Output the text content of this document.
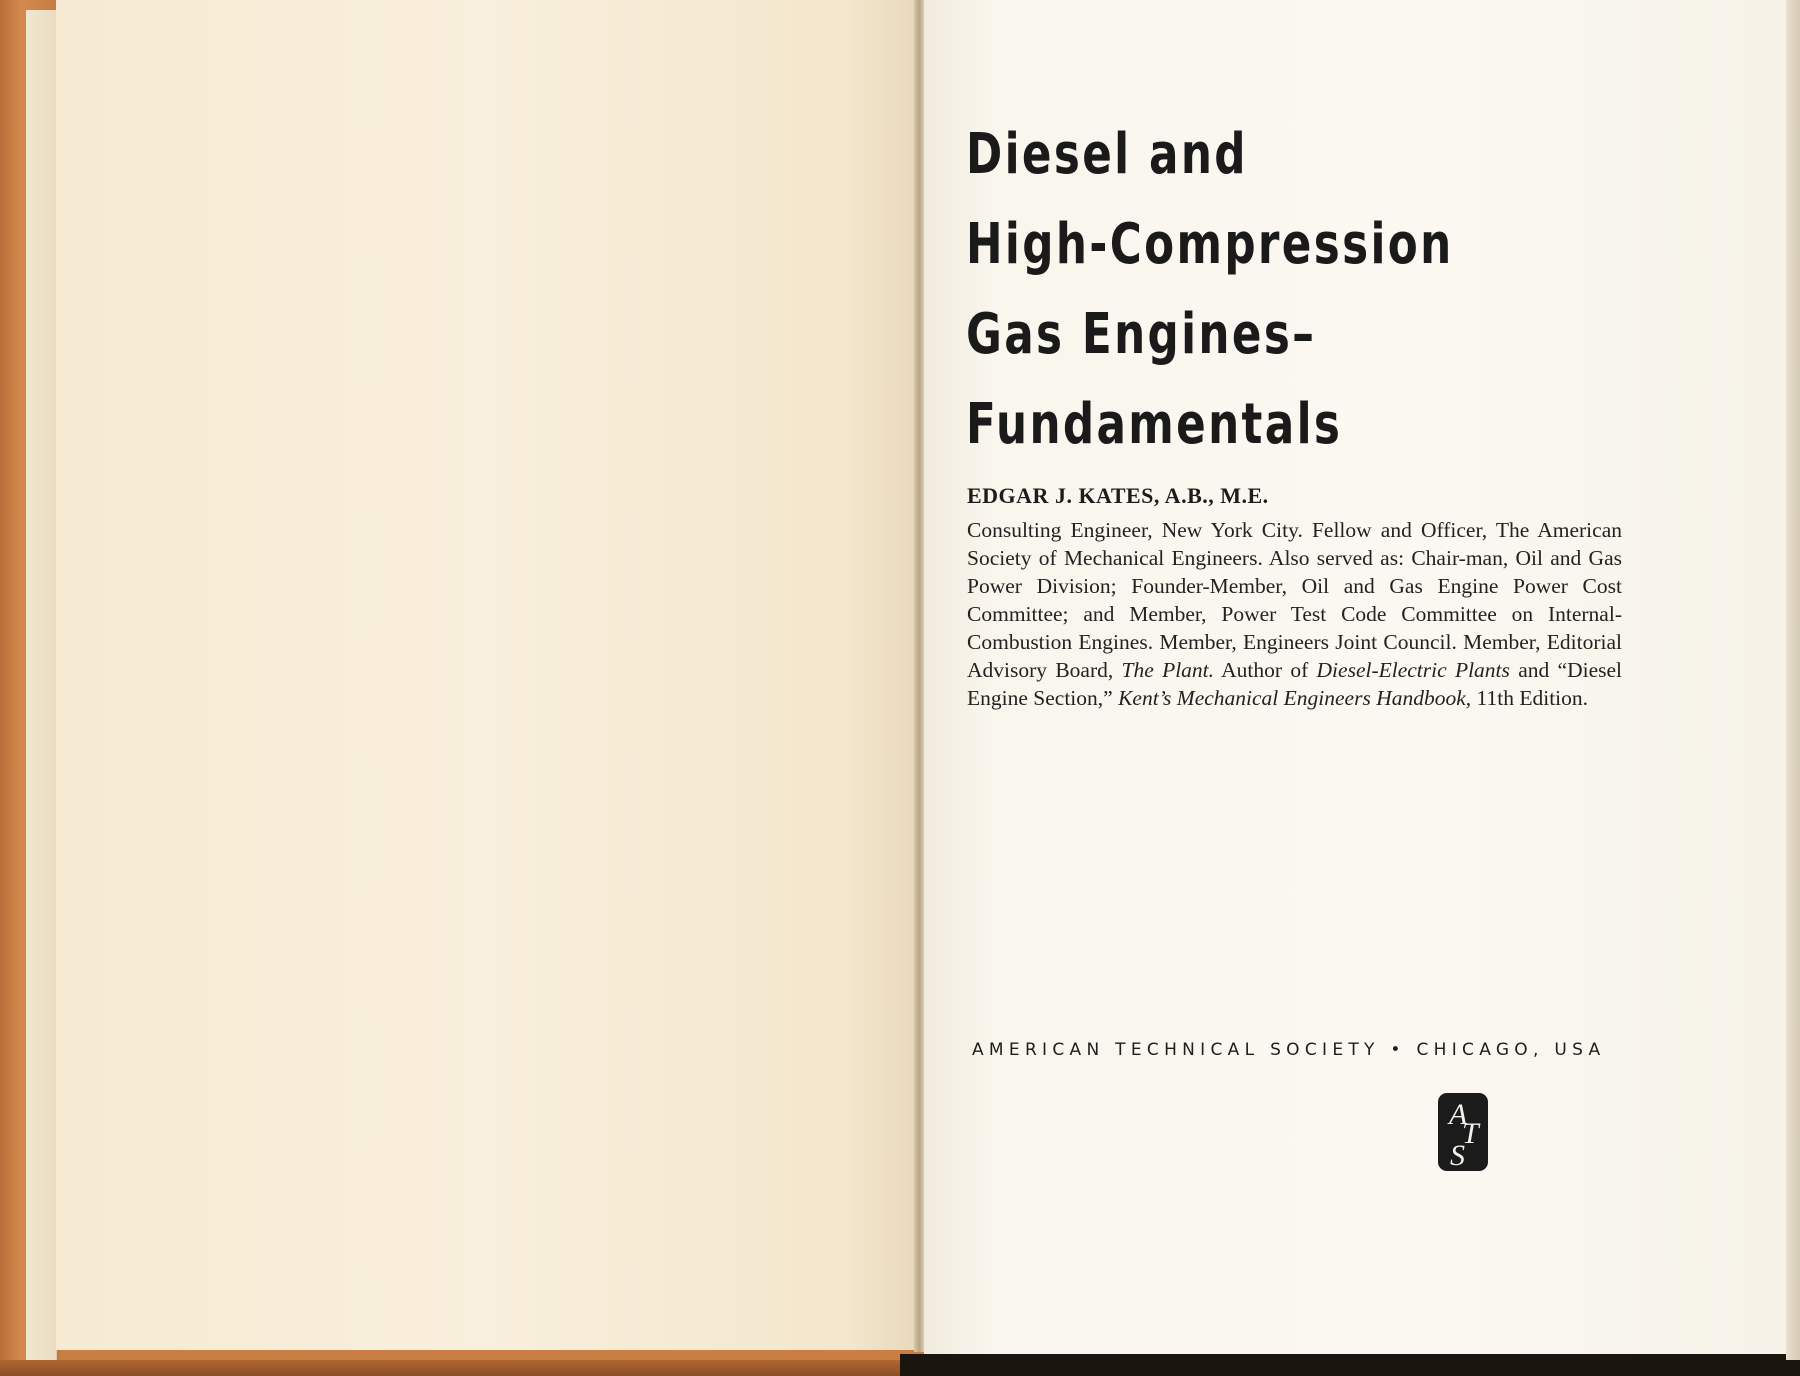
Diesel and
High-Compression
Gas Engines–
Fundamentals

EDGAR J. KATES, A.B., M.E.

Consulting Engineer, New York City. Fellow and Officer, The American Society of Mechanical Engineers. Also served as: Chair-man, Oil and Gas Power Division; Founder-Member, Oil and Gas Engine Power Cost Committee; and Member, Power Test Code Committee on Internal-Combustion Engines. Member, Engineers Joint Council. Member, Editorial Advisory Board, The Plant. Author of Diesel-Electric Plants and “Diesel Engine Section,” Kent’s Mechanical Engineers Handbook, 11th Edition.

AMERICAN TECHNICAL SOCIETY • CHICAGO, USA

A
T
S
